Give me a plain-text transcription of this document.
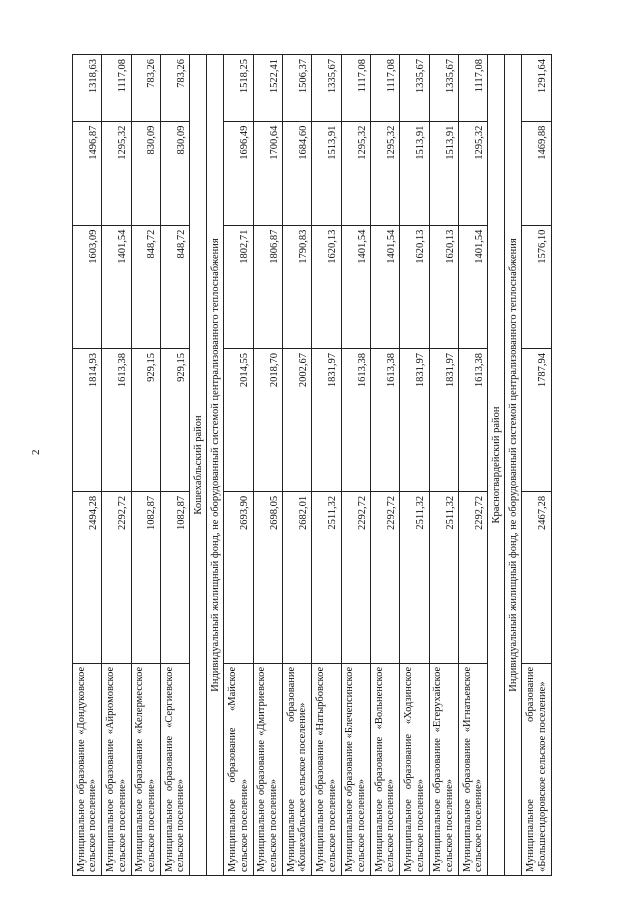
2
Муниципальное образование «Дондуковское сельское поселение»	2494,28	1814,93	1603,09	1496,87	1318,63
Муниципальное образование «Айрюмовское сельское поселение»	2292,72	1613,38	1401,54	1295,32	1117,08
Муниципальное образование «Келермесское сельское поселение»	1082,87	929,15	848,72	830,09	783,26
Муниципальное образование «Сергиевское сельское поселение»	1082,87	929,15	848,72	830,09	783,26
Кошехабльский район					
Индивидуальный жилищный фонд, не оборудованный системой централизованного теплоснабжения					
Муниципальное образование «Майское сельское поселение»	2693,90	2014,55	1802,71	1696,49	1518,25
Муниципальное образование «Дмитриевское сельское поселение»	2698,05	2018,70	1806,87	1700,64	1522,41
Муниципальное образование «Кошехабльское сельское поселение»	2682,01	2002,67	1790,83	1684,60	1506,37
Муниципальное образование «Натырбовское сельское поселение»	2511,32	1831,97	1620,13	1513,91	1335,67
Муниципальное образование «Блечепсинское сельское поселение»	2292,72	1613,38	1401,54	1295,32	1117,08
Муниципальное образование «Вольненское сельское поселение»	2292,72	1613,38	1401,54	1295,32	1117,08
Муниципальное образование «Ходзинское сельское поселение»	2511,32	1831,97	1620,13	1513,91	1335,67
Муниципальное образование «Егерухайское сельское поселение»	2511,32	1831,97	1620,13	1513,91	1335,67
Муниципальное образование «Игнатьевское сельское поселение»	2292,72	1613,38	1401,54	1295,32	1117,08
Красногвардейский район					
Индивидуальный жилищный фонд, не оборудованный системой централизованного теплоснабжения					
Муниципальное образование «Большесидоровское сельское поселение»	2467,28	1787,94	1576,10	1469,88	1291,64
